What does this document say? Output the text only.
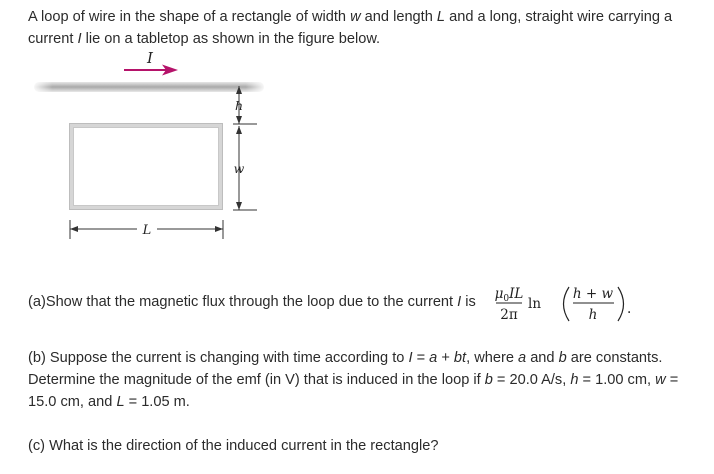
A loop of wire in the shape of a rectangle of width w and length L and a long, straight wire carrying a current I lie on a tabletop as shown in the figure below.

I
h
w
L

(a)Show that the magnetic flux through the loop due to the current I is	$\mu_0IL$
2π
ln
h + w
h .

(b) Suppose the current is changing with time according to I = a + bt, where a and b are constants. Determine the magnitude of the emf (in V) that is induced in the loop if b = 20.0 A/s, h = 1.00 cm, w = 15.0 cm, and L = 1.05 m.

(c) What is the direction of the induced current in the rectangle?
